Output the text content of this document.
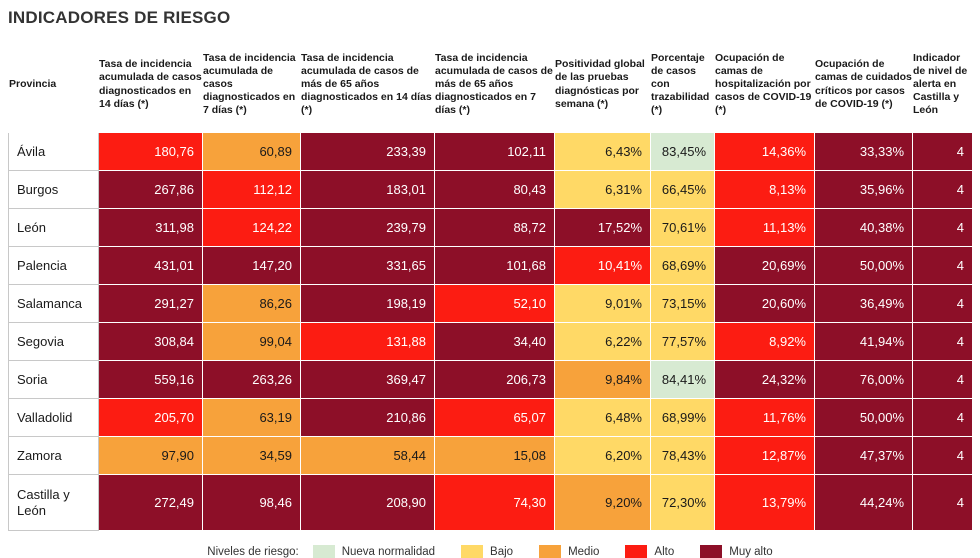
INDICADORES DE RIESGO
Provincia	Tasa de incidencia acumulada de casos diagnosticados en 14 días (*)	Tasa de incidencia acumulada de casos diagnosticados en 7 días (*)	Tasa de incidencia acumulada de casos de más de 65 años diagnosticados en 14 días (*)	Tasa de incidencia acumulada de casos de más de 65 años diagnosticados en 7 días (*)	Positividad global de las pruebas diagnósticas por semana (*)	Porcentaje de casos con trazabilidad (*)	Ocupación de camas de hospitalización por casos de COVID-19 (*)	Ocupación de camas de cuidados críticos por casos de COVID-19 (*)	Indicador de nivel de alerta en Castilla y León
Ávila	180,76	60,89	233,39	102,11	6,43%	83,45%	14,36%	33,33%	4
Burgos	267,86	112,12	183,01	80,43	6,31%	66,45%	8,13%	35,96%	4
León	311,98	124,22	239,79	88,72	17,52%	70,61%	11,13%	40,38%	4
Palencia	431,01	147,20	331,65	101,68	10,41%	68,69%	20,69%	50,00%	4
Salamanca	291,27	86,26	198,19	52,10	9,01%	73,15%	20,60%	36,49%	4
Segovia	308,84	99,04	131,88	34,40	6,22%	77,57%	8,92%	41,94%	4
Soria	559,16	263,26	369,47	206,73	9,84%	84,41%	24,32%	76,00%	4
Valladolid	205,70	63,19	210,86	65,07	6,48%	68,99%	11,76%	50,00%	4
Zamora	97,90	34,59	58,44	15,08	6,20%	78,43%	12,87%	47,37%	4
Castilla y León	272,49	98,46	208,90	74,30	9,20%	72,30%	13,79%	44,24%	4
Niveles de riesgo:	Nueva normalidad	Bajo	Medio	Alto	Muy alto
